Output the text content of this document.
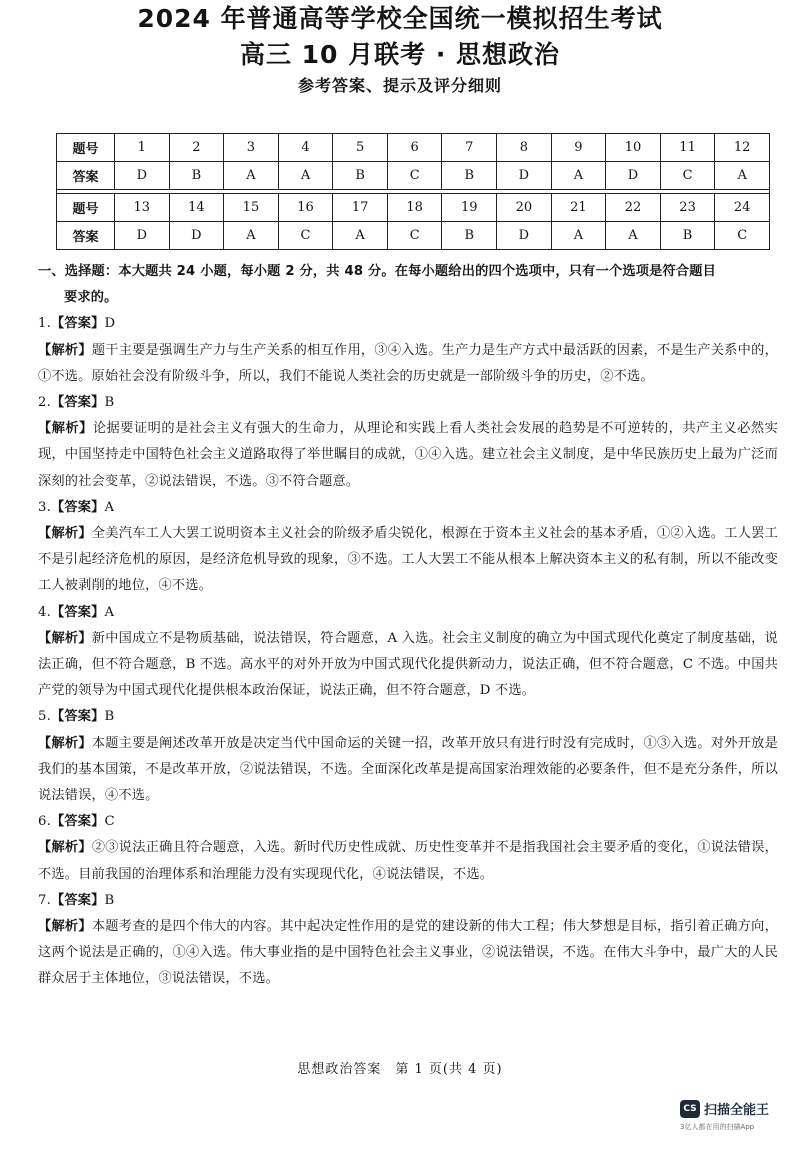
2024 年普通高等学校全国统一模拟招生考试
高三 10 月联考 · 思想政治
参考答案、提示及评分细则
题号	1	2	3	4	5	6	7	8	9	10	11	12
答案	D	B	A	A	B	C	B	D	A	D	C	A

题号	13	14	15	16	17	18	19	20	21	22	23	24
答案	D	D	A	C	A	C	B	D	A	A	B	C

一、选择题：本大题共 24 小题，每小题 2 分，共 48 分。在每小题给出的四个选项中，只有一个选项是符合题目
要求的。

1.【答案】D

【解析】题干主要是强调生产力与生产关系的相互作用，③④入选。生产力是生产方式中最活跃的因素，不是生产关系中的，①不选。原始社会没有阶级斗争，所以，我们不能说人类社会的历史就是一部阶级斗争的历史，②不选。

2.【答案】B

【解析】论据要证明的是社会主义有强大的生命力，从理论和实践上看人类社会发展的趋势是不可逆转的，共产主义必然实现，中国坚持走中国特色社会主义道路取得了举世瞩目的成就，①④入选。建立社会主义制度，是中华民族历史上最为广泛而深刻的社会变革，②说法错误，不选。③不符合题意。

3.【答案】A

【解析】全美汽车工人大罢工说明资本主义社会的阶级矛盾尖锐化，根源在于资本主义社会的基本矛盾，①②入选。工人罢工不是引起经济危机的原因，是经济危机导致的现象，③不选。工人大罢工不能从根本上解决资本主义的私有制，所以不能改变工人被剥削的地位，④不选。

4.【答案】A

【解析】新中国成立不是物质基础，说法错误，符合题意，A 入选。社会主义制度的确立为中国式现代化奠定了制度基础，说法正确，但不符合题意，B 不选。高水平的对外开放为中国式现代化提供新动力，说法正确，但不符合题意，C 不选。中国共产党的领导为中国式现代化提供根本政治保证，说法正确，但不符合题意，D 不选。

5.【答案】B

【解析】本题主要是阐述改革开放是决定当代中国命运的关键一招，改革开放只有进行时没有完成时，①③入选。对外开放是我们的基本国策，不是改革开放，②说法错误，不选。全面深化改革是提高国家治理效能的必要条件，但不是充分条件，所以说法错误，④不选。

6.【答案】C

【解析】②③说法正确且符合题意，入选。新时代历史性成就、历史性变革并不是指我国社会主要矛盾的变化，①说法错误，不选。目前我国的治理体系和治理能力没有实现现代化，④说法错误，不选。

7.【答案】B

【解析】本题考查的是四个伟大的内容。其中起决定性作用的是党的建设新的伟大工程；伟大梦想是目标，指引着正确方向，这两个说法是正确的，①④入选。伟大事业指的是中国特色社会主义事业，②说法错误，不选。在伟大斗争中，最广大的人民群众居于主体地位，③说法错误，不选。

思想政治答案　第 1 页(共 4 页)
CS 扫描全能王
3亿人都在用的扫描App
